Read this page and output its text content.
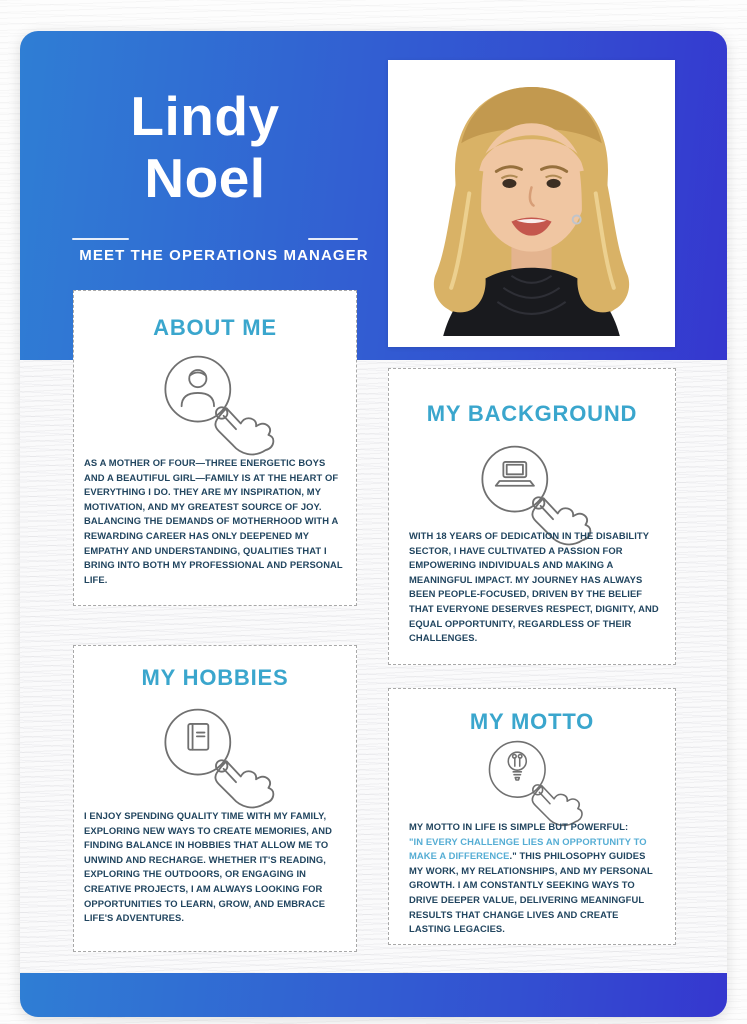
Lindy
Noel
MEET THE OPERATIONS MANAGER
ABOUT ME

AS A MOTHER OF FOUR—THREE ENERGETIC BOYS AND A BEAUTIFUL GIRL—FAMILY IS AT THE HEART OF EVERYTHING I DO. THEY ARE MY INSPIRATION, MY MOTIVATION, AND MY GREATEST SOURCE OF JOY. BALANCING THE DEMANDS OF MOTHERHOOD WITH A REWARDING CAREER HAS ONLY DEEPENED MY EMPATHY AND UNDERSTANDING, QUALITIES THAT I BRING INTO BOTH MY PROFESSIONAL AND PERSONAL LIFE.

MY BACKGROUND

WITH 18 YEARS OF DEDICATION IN THE DISABILITY SECTOR, I HAVE CULTIVATED A PASSION FOR EMPOWERING INDIVIDUALS AND MAKING A MEANINGFUL IMPACT. MY JOURNEY HAS ALWAYS BEEN PEOPLE-FOCUSED, DRIVEN BY THE BELIEF THAT EVERYONE DESERVES RESPECT, DIGNITY, AND EQUAL OPPORTUNITY, REGARDLESS OF THEIR CHALLENGES.

MY HOBBIES

I ENJOY SPENDING QUALITY TIME WITH MY FAMILY, EXPLORING NEW WAYS TO CREATE MEMORIES, AND FINDING BALANCE IN HOBBIES THAT ALLOW ME TO UNWIND AND RECHARGE. WHETHER IT'S READING, EXPLORING THE OUTDOORS, OR ENGAGING IN CREATIVE PROJECTS, I AM ALWAYS LOOKING FOR OPPORTUNITIES TO LEARN, GROW, AND EMBRACE LIFE'S ADVENTURES.

MY MOTTO

MY MOTTO IN LIFE IS SIMPLE BUT POWERFUL:
"IN EVERY CHALLENGE LIES AN OPPORTUNITY TO MAKE A DIFFERENCE." THIS PHILOSOPHY GUIDES MY WORK, MY RELATIONSHIPS, AND MY PERSONAL GROWTH. I AM CONSTANTLY SEEKING WAYS TO DRIVE DEEPER VALUE, DELIVERING MEANINGFUL RESULTS THAT CHANGE LIVES AND CREATE LASTING LEGACIES.
